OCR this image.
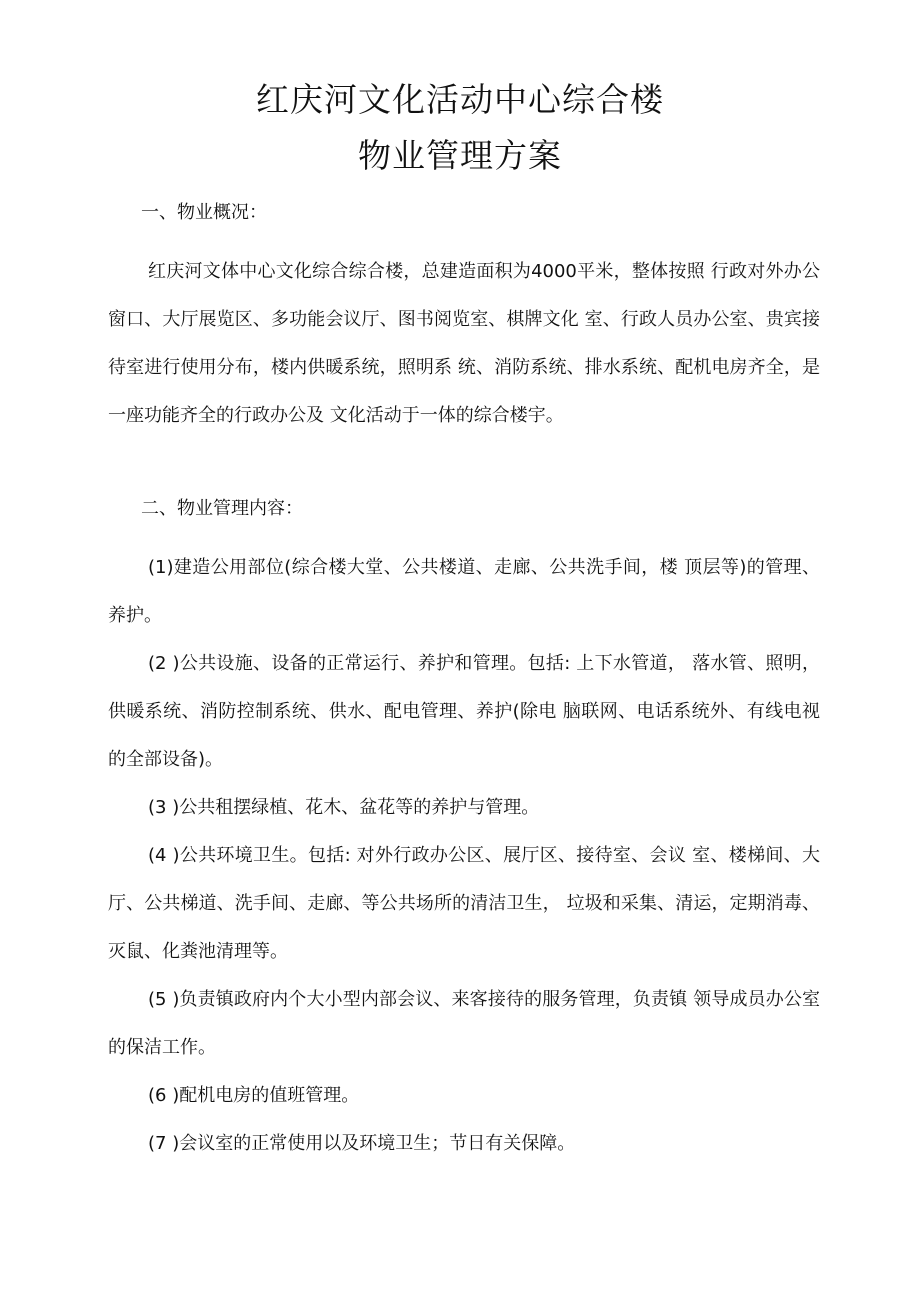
红庆河文化活动中心综合楼
物业管理方案
一、物业概况：
红庆河文体中心文化综合综合楼，总建造面积为4000平米，整体按照 行政对外办公窗口、大厅展览区、多功能会议厅、图书阅览室、棋牌文化 室、行政人员办公室、贵宾接待室进行使用分布，楼内供暖系统，照明系 统、消防系统、排水系统、配机电房齐全，是一座功能齐全的行政办公及 文化活动于一体的综合楼宇。
二、物业管理内容：
(1)建造公用部位(综合楼大堂、公共楼道、走廊、公共洗手间，楼 顶层等)的管理、养护。
(2 )公共设施、设备的正常运行、养护和管理。包括: 上下水管道， 落水管、照明，供暖系统、消防控制系统、供水、配电管理、养护(除电 脑联网、电话系统外、有线电视的全部设备)。
(3 )公共租摆绿植、花木、盆花等的养护与管理。
(4 )公共环境卫生。包括: 对外行政办公区、展厅区、接待室、会议 室、楼梯间、大厅、公共梯道、洗手间、走廊、等公共场所的清洁卫生， 垃圾和采集、清运，定期消毒、灭鼠、化粪池清理等。
(5 )负责镇政府内个大小型内部会议、来客接待的服务管理，负责镇 领导成员办公室的保洁工作。
(6 )配机电房的值班管理。
(7 )会议室的正常使用以及环境卫生；节日有关保障。
